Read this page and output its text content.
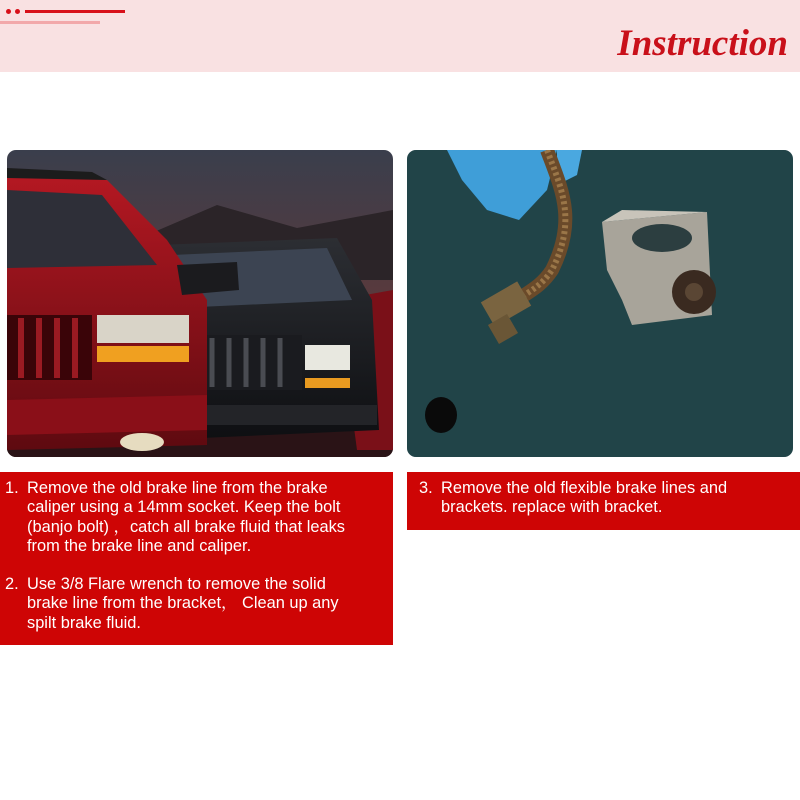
Instruction
1. Remove the old brake line from the brake
caliper using a 14mm socket. Keep the bolt
(banjo bolt) ，catch all brake fluid that leaks
from the brake line and caliper.
2. Use 3/8 Flare wrench to remove the solid
brake line from the bracket， Clean up any
spilt brake fluid.
3. Remove the old flexible brake lines and
brackets. replace with bracket.
